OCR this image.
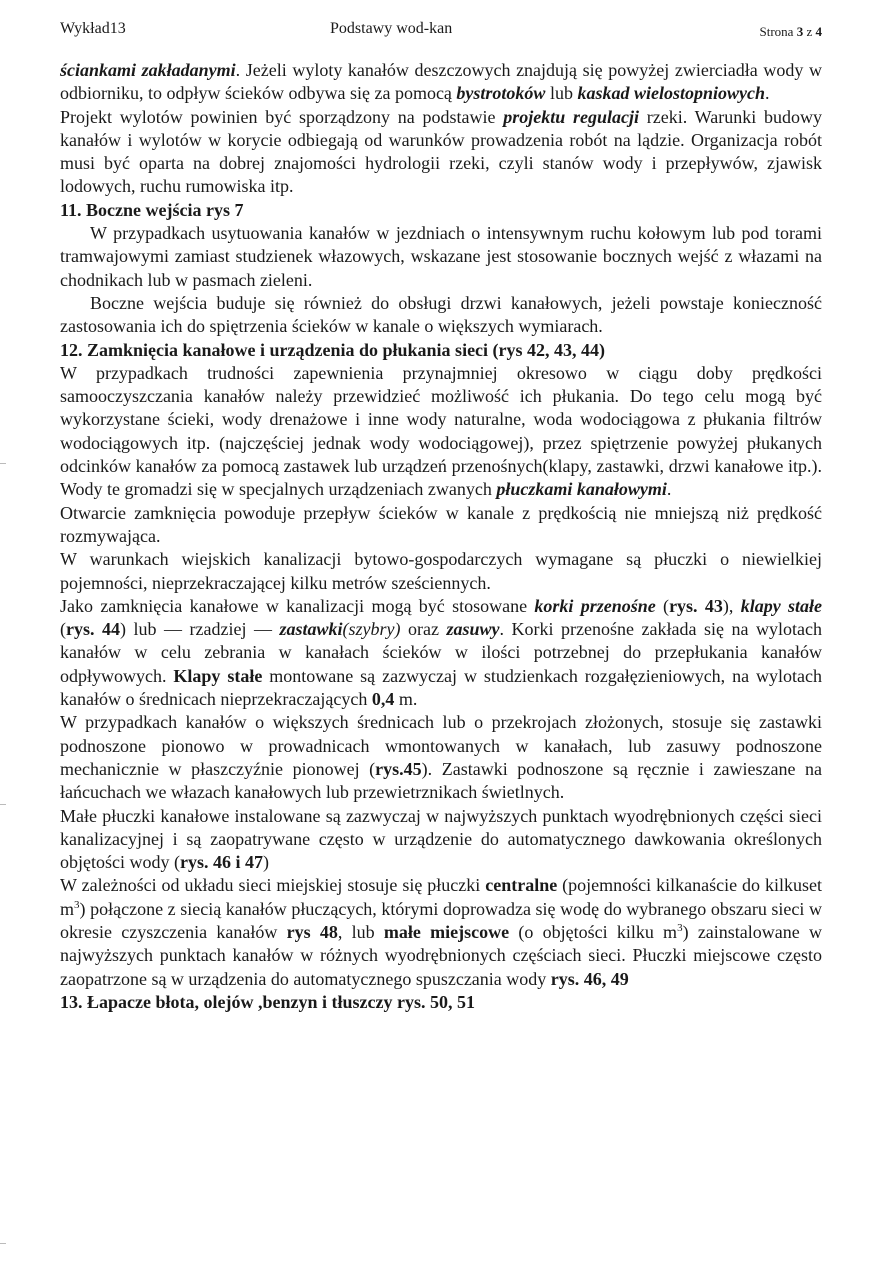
Wykład13	Podstawy wod-kan	Strona 3 z 4

ściankami zakładanymi. Jeżeli wyloty kanałów deszczowych znajdują się powyżej zwierciadła wody w odbiorniku, to odpływ ścieków odbywa się za pomocą bystrotoków lub kaskad wielostopniowych.

Projekt wylotów powinien być sporządzony na podstawie projektu regulacji rzeki. Warunki budowy kanałów i wylotów w korycie odbiegają od warunków prowadzenia robót na lądzie. Organizacja robót musi być oparta na dobrej znajomości hydrologii rzeki, czyli stanów wody i przepływów, zjawisk lodowych, ruchu rumowiska itp.

11. Boczne wejścia rys 7

W przypadkach usytuowania kanałów w jezdniach o intensywnym ruchu kołowym lub pod torami tramwajowymi zamiast studzienek włazowych, wskazane jest stosowanie bocznych wejść z włazami na chodnikach lub w pasmach zieleni.

Boczne wejścia buduje się również do obsługi drzwi kanałowych, jeżeli powstaje konieczność zastosowania ich do spiętrzenia ścieków w kanale o większych wymiarach.

12. Zamknięcia kanałowe i urządzenia do płukania sieci (rys 42, 43, 44)

W przypadkach trudności zapewnienia przynajmniej okresowo w ciągu doby prędkości samooczyszczania kanałów należy przewidzieć możliwość ich płukania. Do tego celu mogą być wykorzystane ścieki, wody drenażowe i inne wody naturalne, woda wodociągowa z płukania filtrów wodociągowych itp. (najczęściej jednak wody wodociągowej), przez spiętrzenie powyżej płukanych odcinków kanałów za pomocą zastawek lub urządzeń przenośnych(klapy, zastawki, drzwi kanałowe itp.). Wody te gromadzi się w specjalnych urządzeniach zwanych płuczkami kanałowymi.

Otwarcie zamknięcia powoduje przepływ ścieków w kanale z prędkością nie mniejszą niż prędkość rozmywająca.

W warunkach wiejskich kanalizacji bytowo-gospodarczych wymagane są płuczki o niewielkiej pojemności, nieprzekraczającej kilku metrów sześciennych.

Jako zamknięcia kanałowe w kanalizacji mogą być stosowane korki przenośne (rys. 43), klapy stałe (rys. 44) lub — rzadziej — zastawki(szybry) oraz zasuwy. Korki przenośne zakłada się na wylotach kanałów w celu zebrania w kanałach ścieków w ilości potrzebnej do przepłukania kanałów odpływowych. Klapy stałe montowane są zazwyczaj w studzienkach rozgałęzieniowych, na wylotach kanałów o średnicach nieprzekraczających 0,4 m.

W przypadkach kanałów o większych średnicach lub o przekrojach złożonych, stosuje się zastawki podnoszone pionowo w prowadnicach wmontowanych w kanałach, lub zasuwy podnoszone mechanicznie w płaszczyźnie pionowej (rys.45). Zastawki podnoszone są ręcznie i zawieszane na łańcuchach we włazach kanałowych lub przewietrznikach świetlnych.

Małe płuczki kanałowe instalowane są zazwyczaj w najwyższych punktach wyodrębnionych części sieci kanalizacyjnej i są zaopatrywane często w urządzenie do automatycznego dawkowania określonych objętości wody (rys. 46 i 47)

W zależności od układu sieci miejskiej stosuje się płuczki centralne (pojemności kilkanaście do kilkuset $m^3$) połączone z siecią kanałów płuczących, którymi doprowadza się wodę do wybranego obszaru sieci w okresie czyszczenia kanałów rys 48, lub małe miejscowe (o objętości kilku $m^3$) zainstalowane w najwyższych punktach kanałów w różnych wyodrębnionych częściach sieci. Płuczki miejscowe często zaopatrzone są w urządzenia do automatycznego spuszczania wody rys. 46, 49

13. Łapacze błota, olejów ,benzyn i tłuszczy rys. 50, 51
